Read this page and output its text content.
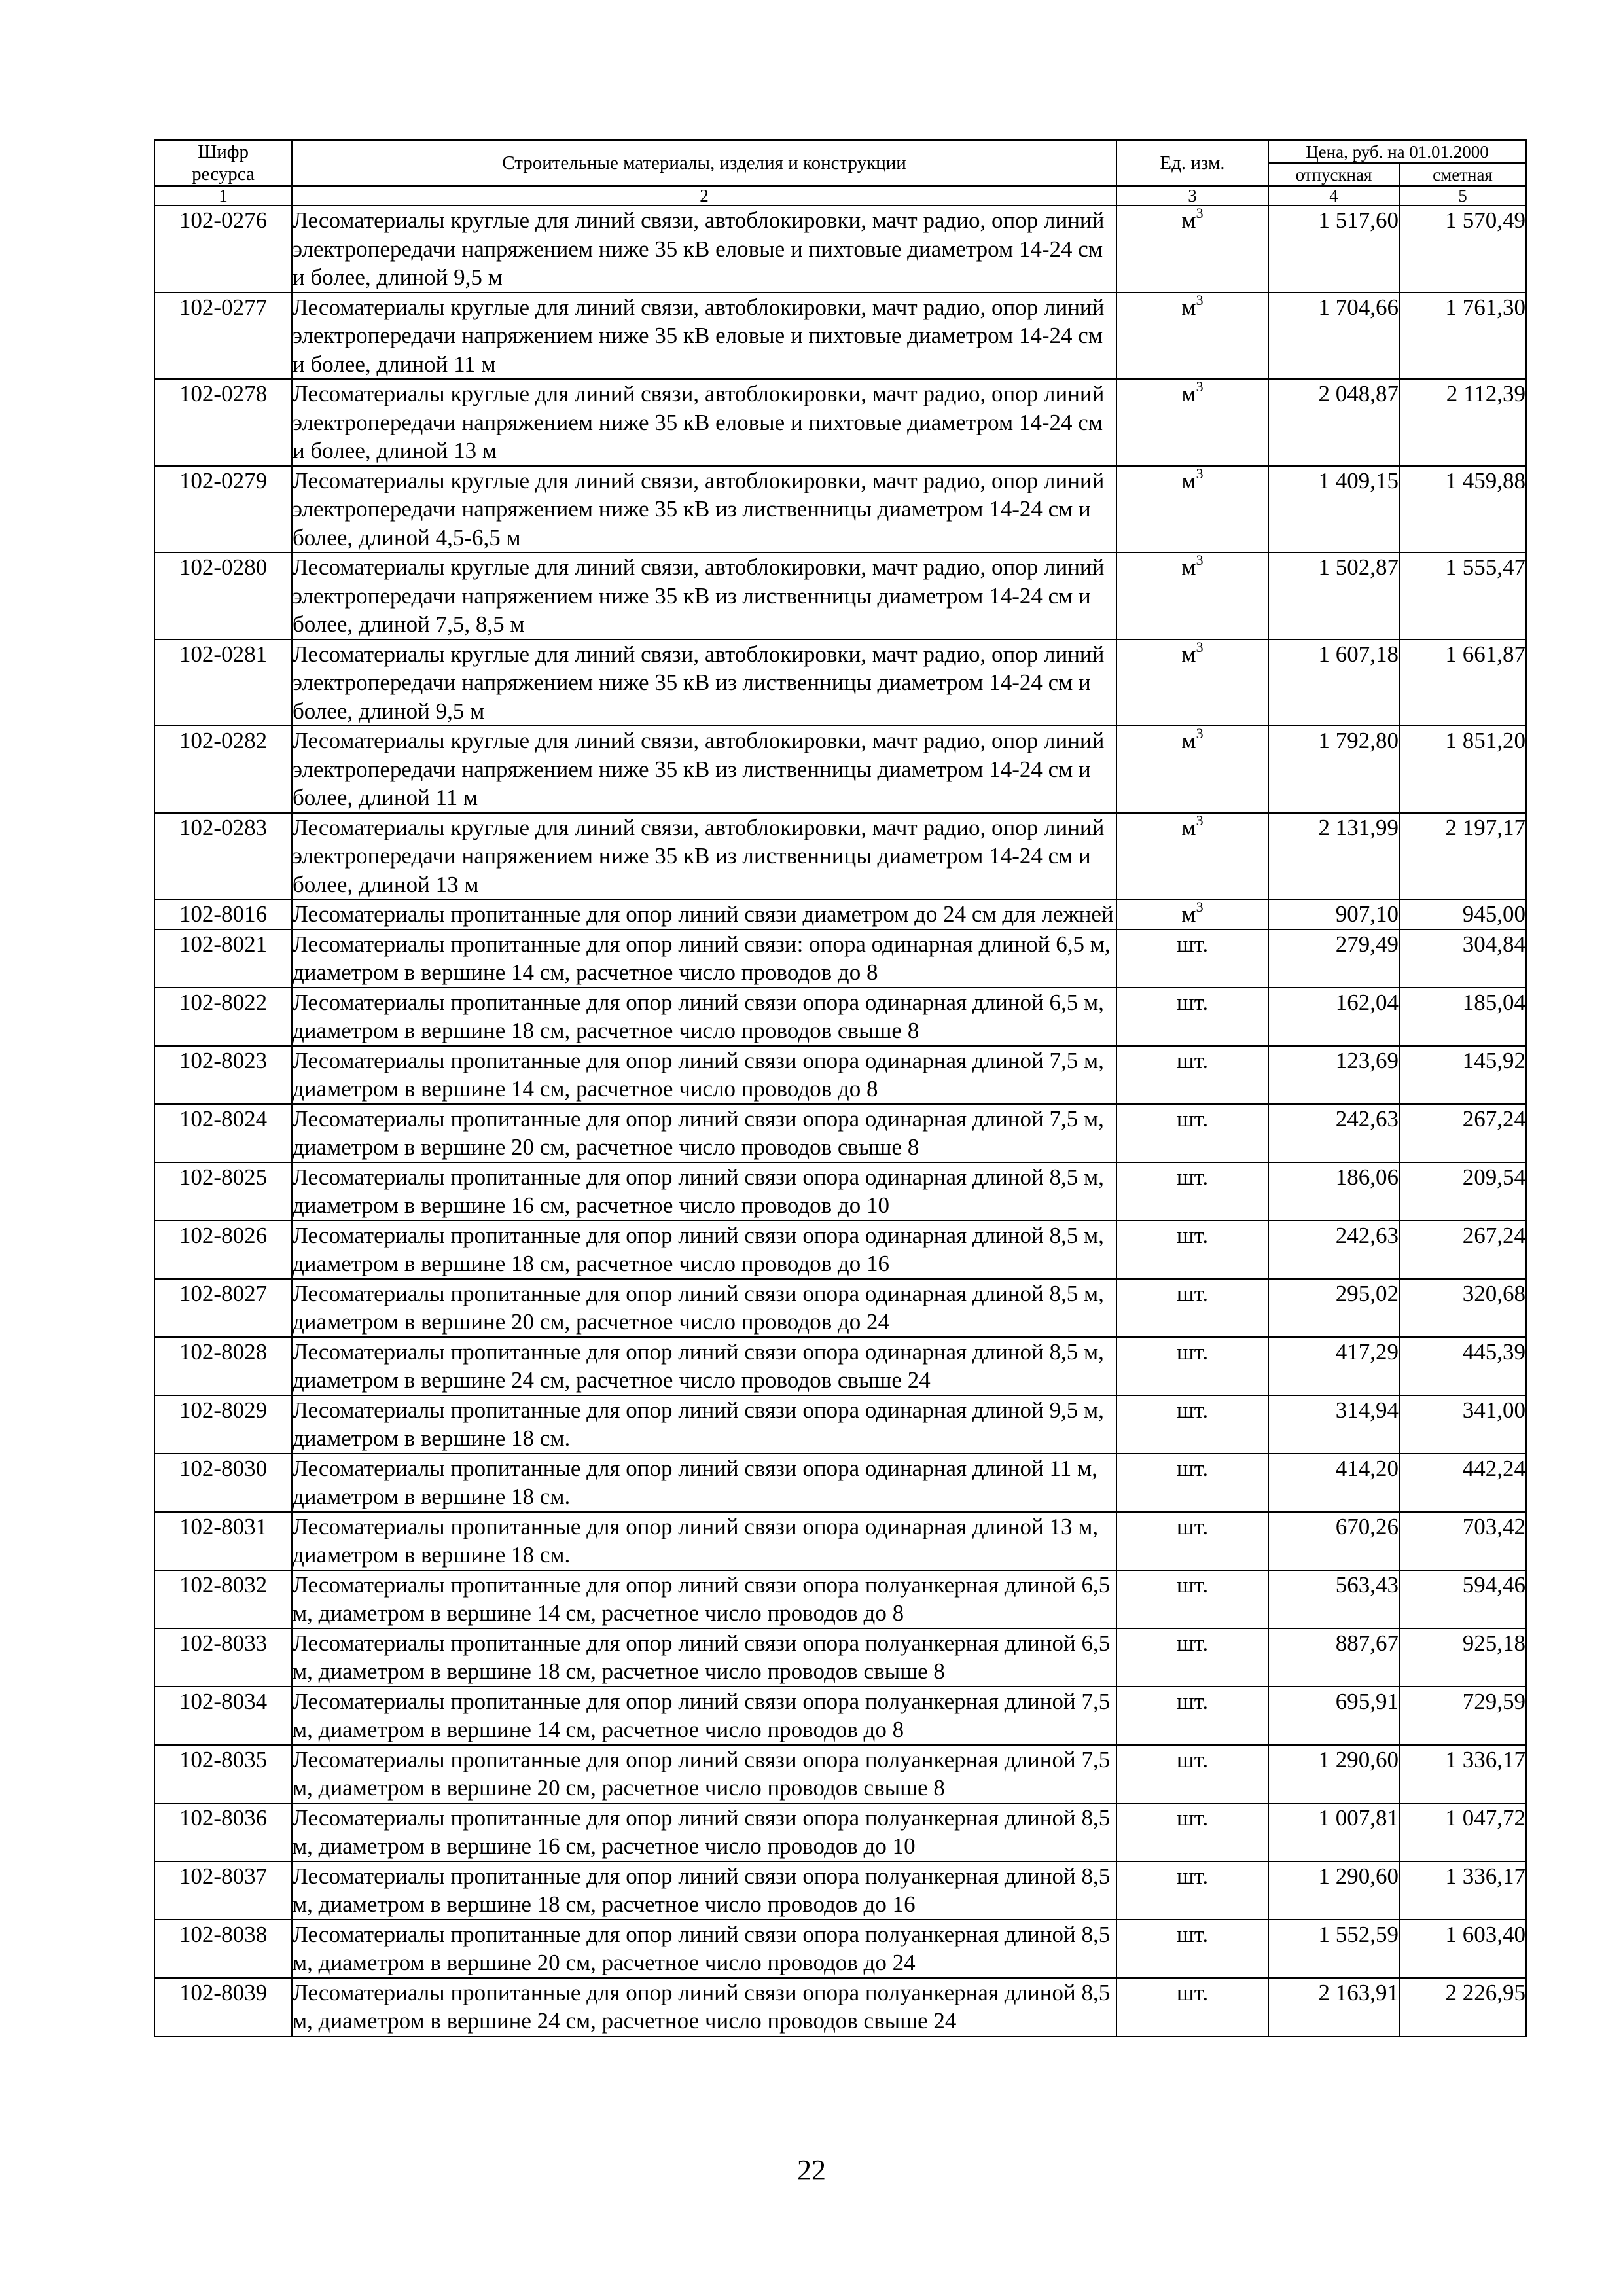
Шифр
ресурса	Строительные материалы, изделия и конструкции	Ед. изм.	Цена, руб. на 01.01.2000	
			отпускная	сметная
1	2	3	4	5
102-0276	Лесоматериалы круглые для линий связи, автоблокировки, мачт радио, опор линий электропередачи напряжением ниже 35 кВ еловые и пихтовые диаметром 14-24 см и более, длиной 9,5 м	$м^3$	1 517,60	1 570,49
102-0277	Лесоматериалы круглые для линий связи, автоблокировки, мачт радио, опор линий электропередачи напряжением ниже 35 кВ еловые и пихтовые диаметром 14-24 см и более, длиной 11 м	$м^3$	1 704,66	1 761,30
102-0278	Лесоматериалы круглые для линий связи, автоблокировки, мачт радио, опор линий электропередачи напряжением ниже 35 кВ еловые и пихтовые диаметром 14-24 см и более, длиной 13 м	$м^3$	2 048,87	2 112,39
102-0279	Лесоматериалы круглые для линий связи, автоблокировки, мачт радио, опор линий электропередачи напряжением ниже 35 кВ из лиственницы диаметром 14-24 см и более, длиной 4,5-6,5 м	$м^3$	1 409,15	1 459,88
102-0280	Лесоматериалы круглые для линий связи, автоблокировки, мачт радио, опор линий электропередачи напряжением ниже 35 кВ из лиственницы диаметром 14-24 см и более, длиной 7,5, 8,5 м	$м^3$	1 502,87	1 555,47
102-0281	Лесоматериалы круглые для линий связи, автоблокировки, мачт радио, опор линий электропередачи напряжением ниже 35 кВ из лиственницы диаметром 14-24 см и более, длиной 9,5 м	$м^3$	1 607,18	1 661,87
102-0282	Лесоматериалы круглые для линий связи, автоблокировки, мачт радио, опор линий электропередачи напряжением ниже 35 кВ из лиственницы диаметром 14-24 см и более, длиной 11 м	$м^3$	1 792,80	1 851,20
102-0283	Лесоматериалы круглые для линий связи, автоблокировки, мачт радио, опор линий электропередачи напряжением ниже 35 кВ из лиственницы диаметром 14-24 см и более, длиной 13 м	$м^3$	2 131,99	2 197,17
102-8016	Лесоматериалы пропитанные для опор линий связи диаметром до 24 см для лежней	$м^3$	907,10	945,00
102-8021	Лесоматериалы пропитанные для опор линий связи: опора одинарная длиной 6,5 м, диаметром в вершине 14 см, расчетное число проводов до 8	шт.	279,49	304,84
102-8022	Лесоматериалы пропитанные для опор линий связи опора одинарная длиной 6,5 м, диаметром в вершине 18 см, расчетное число проводов свыше 8	шт.	162,04	185,04
102-8023	Лесоматериалы пропитанные для опор линий связи опора одинарная длиной 7,5 м, диаметром в вершине 14 см, расчетное число проводов до 8	шт.	123,69	145,92
102-8024	Лесоматериалы пропитанные для опор линий связи опора одинарная длиной 7,5 м, диаметром в вершине 20 см, расчетное число проводов свыше 8	шт.	242,63	267,24
102-8025	Лесоматериалы пропитанные для опор линий связи опора одинарная длиной 8,5 м, диаметром в вершине 16 см, расчетное число проводов до 10	шт.	186,06	209,54
102-8026	Лесоматериалы пропитанные для опор линий связи опора одинарная длиной 8,5 м, диаметром в вершине 18 см, расчетное число проводов до 16	шт.	242,63	267,24
102-8027	Лесоматериалы пропитанные для опор линий связи опора одинарная длиной 8,5 м, диаметром в вершине 20 см, расчетное число проводов до 24	шт.	295,02	320,68
102-8028	Лесоматериалы пропитанные для опор линий связи опора одинарная длиной 8,5 м, диаметром в вершине 24 см, расчетное число проводов свыше 24	шт.	417,29	445,39
102-8029	Лесоматериалы пропитанные для опор линий связи опора одинарная длиной 9,5 м, диаметром в вершине 18 см.	шт.	314,94	341,00
102-8030	Лесоматериалы пропитанные для опор линий связи опора одинарная длиной 11 м, диаметром в вершине 18 см.	шт.	414,20	442,24
102-8031	Лесоматериалы пропитанные для опор линий связи опора одинарная длиной 13 м, диаметром в вершине 18 см.	шт.	670,26	703,42
102-8032	Лесоматериалы пропитанные для опор линий связи опора полуанкерная длиной 6,5 м, диаметром в вершине 14 см, расчетное число проводов до 8	шт.	563,43	594,46
102-8033	Лесоматериалы пропитанные для опор линий связи опора полуанкерная длиной 6,5 м, диаметром в вершине 18 см, расчетное число проводов свыше 8	шт.	887,67	925,18
102-8034	Лесоматериалы пропитанные для опор линий связи опора полуанкерная длиной 7,5 м, диаметром в вершине 14 см, расчетное число проводов до 8	шт.	695,91	729,59
102-8035	Лесоматериалы пропитанные для опор линий связи опора полуанкерная длиной 7,5 м, диаметром в вершине 20 см, расчетное число проводов свыше 8	шт.	1 290,60	1 336,17
102-8036	Лесоматериалы пропитанные для опор линий связи опора полуанкерная длиной 8,5 м, диаметром в вершине 16 см, расчетное число проводов до 10	шт.	1 007,81	1 047,72
102-8037	Лесоматериалы пропитанные для опор линий связи опора полуанкерная длиной 8,5 м, диаметром в вершине 18 см, расчетное число проводов до 16	шт.	1 290,60	1 336,17
102-8038	Лесоматериалы пропитанные для опор линий связи опора полуанкерная длиной 8,5 м, диаметром в вершине 20 см, расчетное число проводов до 24	шт.	1 552,59	1 603,40
102-8039	Лесоматериалы пропитанные для опор линий связи опора полуанкерная длиной 8,5 м, диаметром в вершине 24 см, расчетное число проводов свыше 24	шт.	2 163,91	2 226,95
22
